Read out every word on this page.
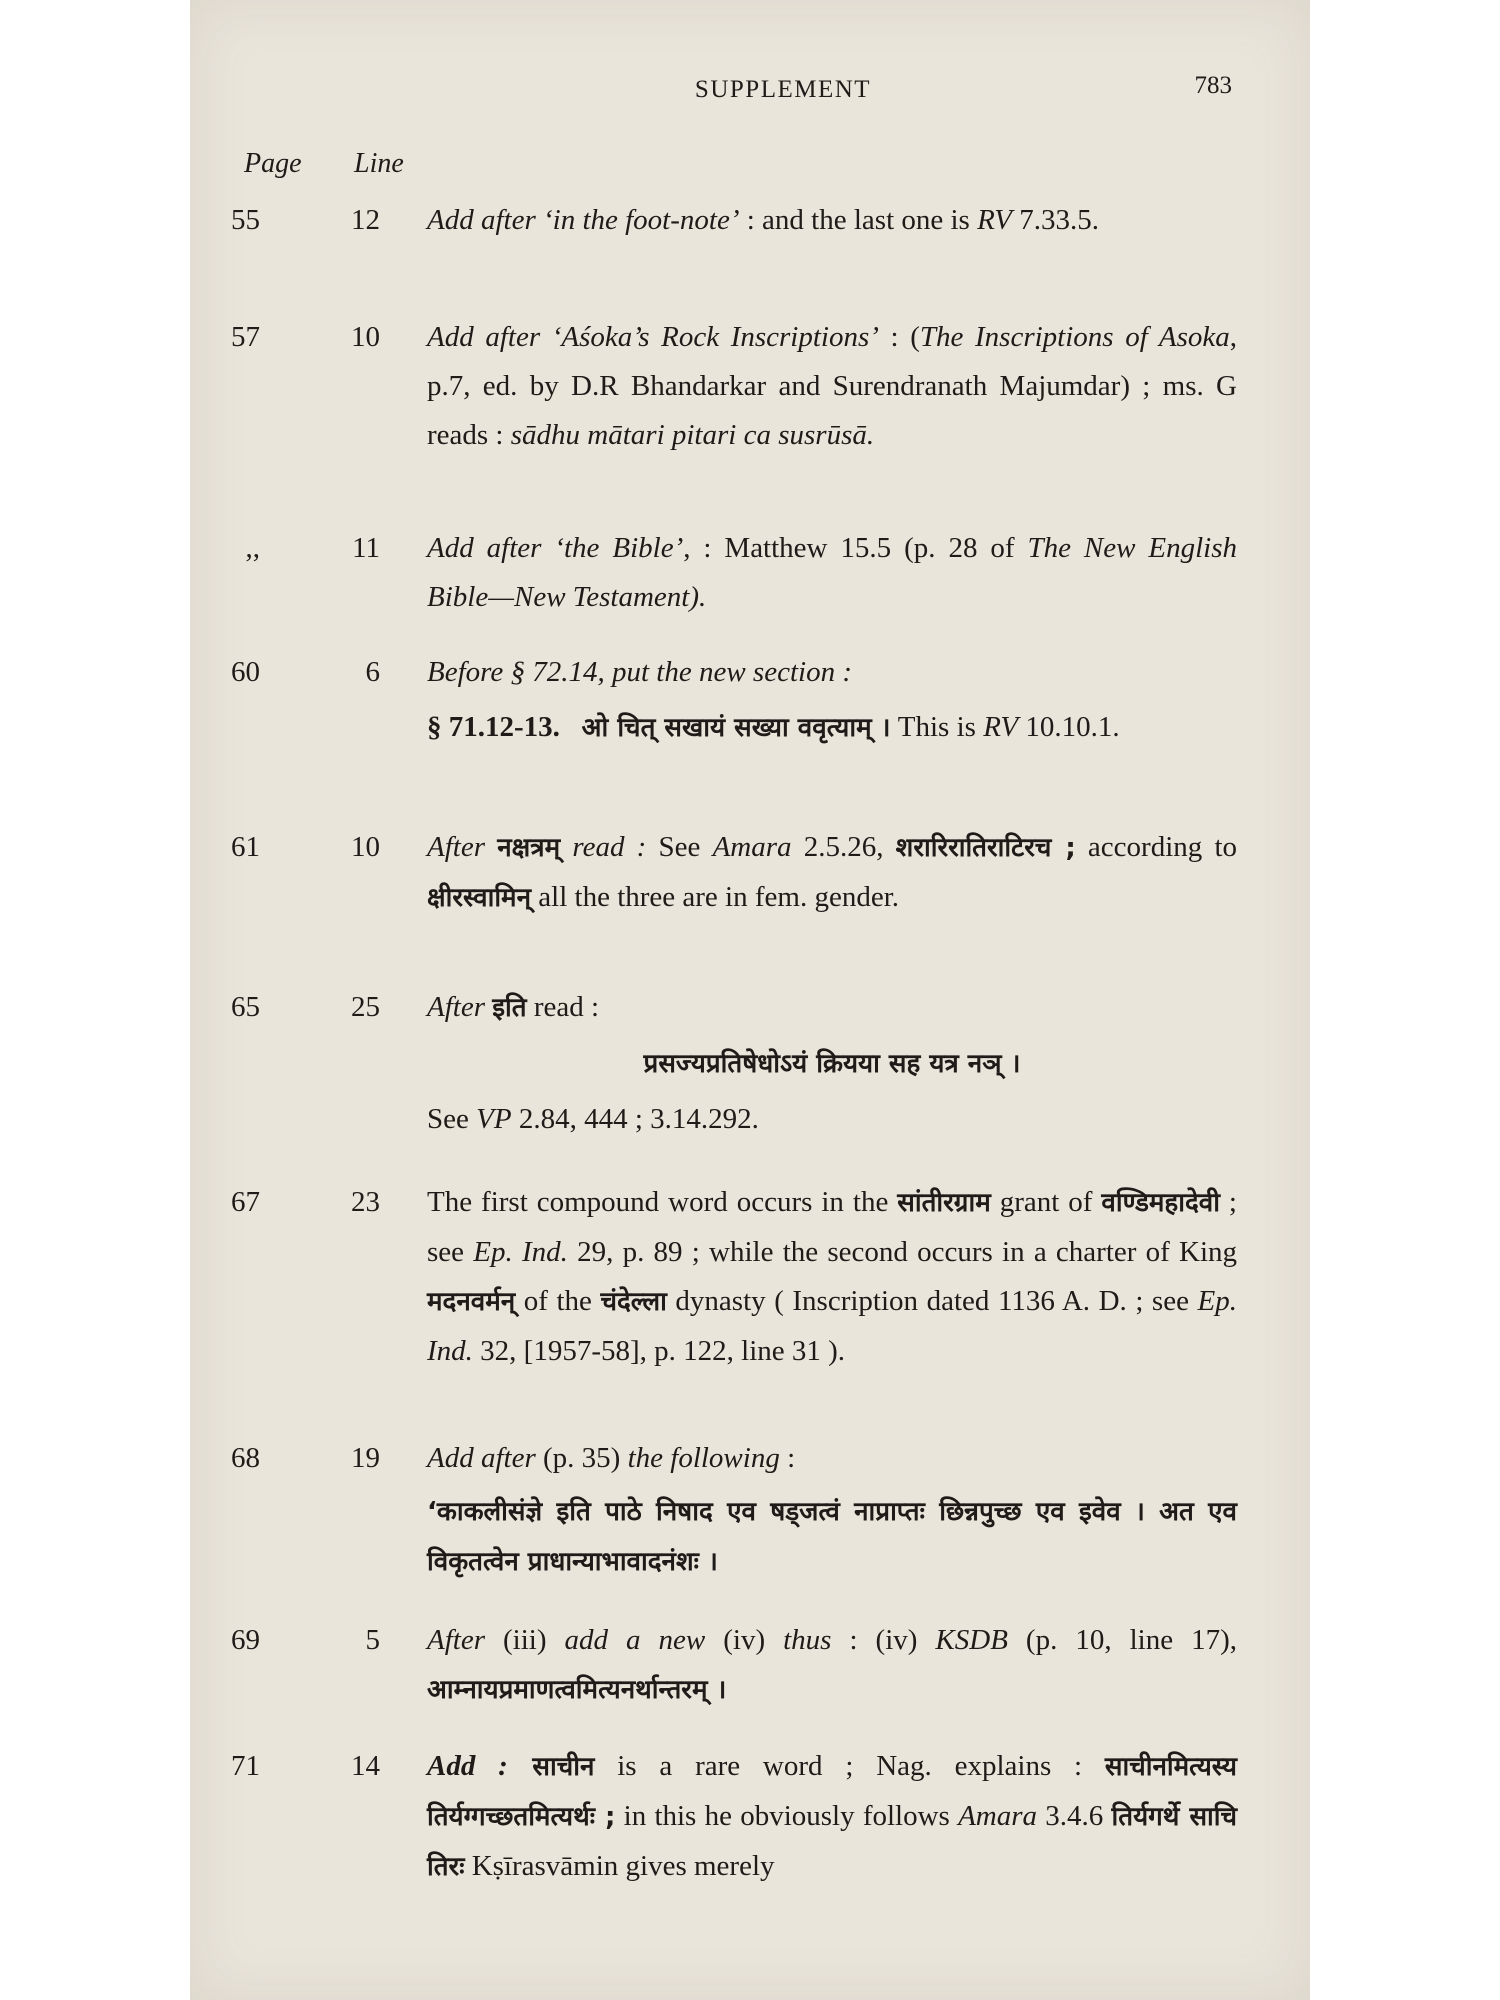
SUPPLEMENT	783
Page Line
55	12 Add after ‘in the foot-note’ : and the last one is RV 7.33.5.
57	10 Add after ‘Aśoka’s Rock Inscriptions’ : (The Inscriptions of Asoka, p.7, ed. by D.R Bhandarkar and Surendranath Majumdar) ; ms. G reads : sādhu mātari pitari ca susrūsā.
,,	11 Add after ‘the Bible’, : Matthew 15.5 (p. 28 of The New English Bible—New Testament).
60	6 Before § 72.14, put the new section :

§ 71.12-13. ओ चित् सखायं सख्या ववृत्याम् । This is RV 10.10.1.

61	10 After नक्षत्रम् read : See Amara 2.5.26, शरारिरातिराटिरच ; according to क्षीरस्वामिन् all the three are in fem. gender.
65	25 After इति read :

प्रसज्यप्रतिषेधोऽयं क्रियया सह यत्र नञ् ।

See VP 2.84, 444 ; 3.14.292.

67	23 The first compound word occurs in the सांतीरग्राम grant of वण्डिमहादेवी ; see Ep. Ind. 29, p. 89 ; while the second occurs in a charter of King मदनवर्मन् of the चंदेल्ला dynasty ( Inscription dated 1136 A. D. ; see Ep. Ind. 32, [1957-58], p. 122, line 31 ).
68	19 Add after (p. 35) the following :

‘काकलीसंज्ञे इति पाठे निषाद एव षड्जत्वं नाप्राप्तः छिन्नपुच्छ एव इवेव । अत एव विकृतत्वेन प्राधान्याभावादनंशः ।

69	5 After (iii) add a new (iv) thus : (iv) KSDB (p. 10, line 17), आम्नायप्रमाणत्वमित्यनर्थान्तरम् ।
71	14 Add : साचीन is a rare word ; Nag. explains : साचीनमित्यस्य तिर्यग्गच्छतमित्यर्थः ; in this he obviously follows Amara 3.4.6 तिर्यगर्थे साचि तिरः Kṣīrasvāmin gives merely
